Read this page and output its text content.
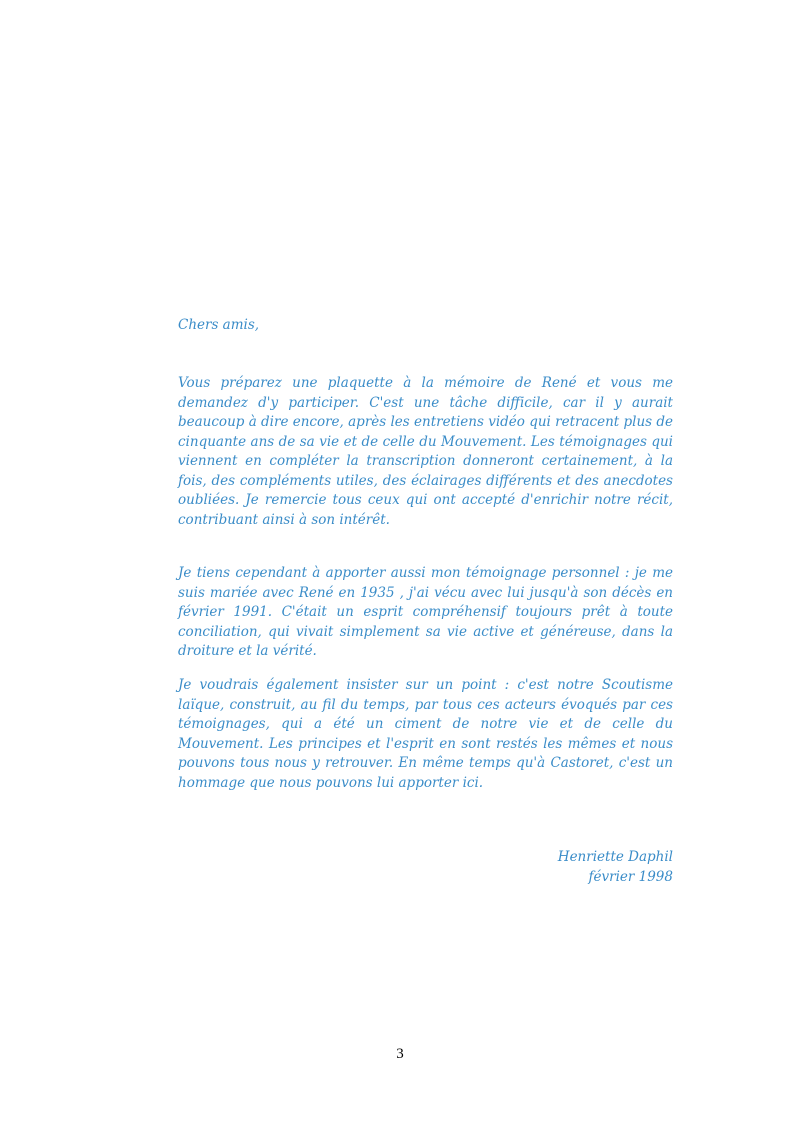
Chers amis,

Vous préparez une plaquette à la mémoire de René et vous me demandez d'y participer. C'est une tâche difficile, car il y aurait beaucoup à dire encore, après les entretiens vidéo qui retracent plus de cinquante ans de sa vie et de celle du Mouvement. Les témoignages qui viennent en compléter la transcription donneront certainement, à la fois, des compléments utiles, des éclairages différents et des anecdotes oubliées. Je remercie tous ceux qui ont accepté d'enrichir notre récit, contribuant ainsi à son intérêt.

Je tiens cependant à apporter aussi mon témoignage personnel : je me suis mariée avec René en 1935 , j'ai vécu avec lui jusqu'à son décès en février 1991. C'était un esprit compréhensif toujours prêt à toute conciliation, qui vivait simplement sa vie active et généreuse, dans la droiture et la vérité.

Je voudrais également insister sur un point : c'est notre Scoutisme laïque, construit, au fil du temps, par tous ces acteurs évoqués par ces témoignages, qui a été un ciment de notre vie et de celle du Mouvement. Les principes et l'esprit en sont restés les mêmes et nous pouvons tous nous y retrouver. En même temps qu'à Castoret, c'est un hommage que nous pouvons lui apporter ici.

Henriette Daphil
février 1998
3
